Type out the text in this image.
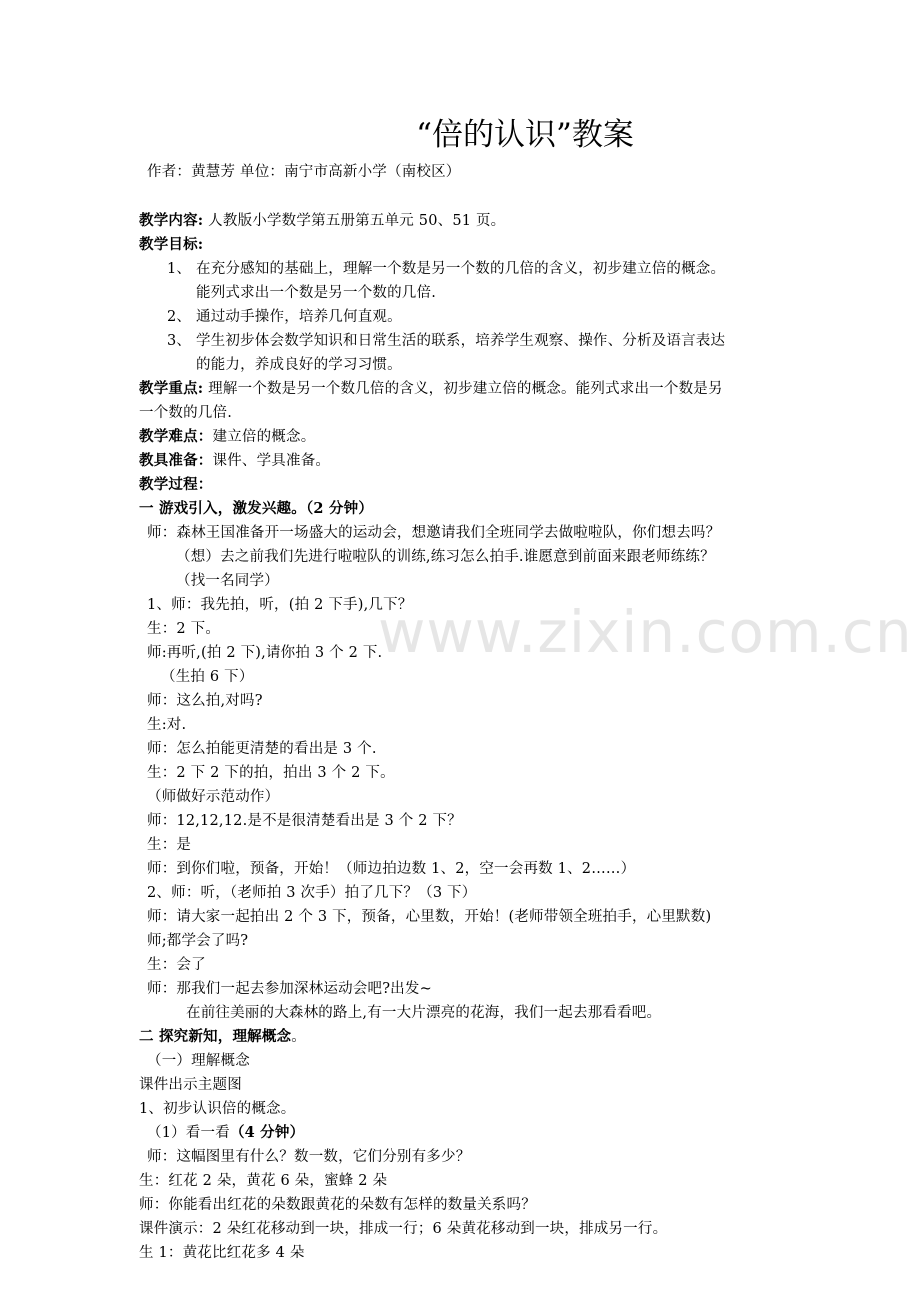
www.zixin.com.cn
“倍的认识”教案
作者：黄慧芳 单位：南宁市高新小学（南校区）
教学内容: 人教版小学数学第五册第五单元 50、51 页。
教学目标:
1、 在充分感知的基础上，理解一个数是另一个数的几倍的含义，初步建立倍的概念。
能列式求出一个数是另一个数的几倍.
2、 通过动手操作，培养几何直观。
3、 学生初步体会数学知识和日常生活的联系，培养学生观察、操作、分析及语言表达
的能力，养成良好的学习习惯。
教学重点: 理解一个数是另一个数几倍的含义，初步建立倍的概念。能列式求出一个数是另
一个数的几倍.
教学难点：建立倍的概念。
教具准备：课件、学具准备。
教学过程：
一 游戏引入，激发兴趣。（2 分钟）
师：森林王国准备开一场盛大的运动会，想邀请我们全班同学去做啦啦队，你们想去吗？
（想）去之前我们先进行啦啦队的训练,练习怎么拍手.谁愿意到前面来跟老师练练？
（找一名同学）
1、师：我先拍，听，(拍 2 下手),几下？
生：2 下。
师:再听,(拍 2 下),请你拍 3 个 2 下.
（生拍 6 下）
师：这么拍,对吗?
生:对.
师：怎么拍能更清楚的看出是 3 个.
生：2 下 2 下的拍，拍出 3 个 2 下。
（师做好示范动作）
师：12,12,12.是不是很清楚看出是 3 个 2 下？
生：是
师：到你们啦，预备，开始！（师边拍边数 1、2，空一会再数 1、2……）
2、师：听，（老师拍 3 次手）拍了几下？（3 下）
师：请大家一起拍出 2 个 3 下，预备，心里数，开始！(老师带领全班拍手，心里默数)
师;都学会了吗?
生：会了
师：那我们一起去参加深林运动会吧?出发~
在前往美丽的大森林的路上,有一大片漂亮的花海，我们一起去那看看吧。
二 探究新知，理解概念。
（一）理解概念
课件出示主题图
1、初步认识倍的概念。
（1）看一看（4 分钟）
师：这幅图里有什么？数一数，它们分别有多少？
生：红花 2 朵，黄花 6 朵，蜜蜂 2 朵
师：你能看出红花的朵数跟黄花的朵数有怎样的数量关系吗？
课件演示：2 朵红花移动到一块，排成一行；6 朵黄花移动到一块，排成另一行。
生 1：黄花比红花多 4 朵
